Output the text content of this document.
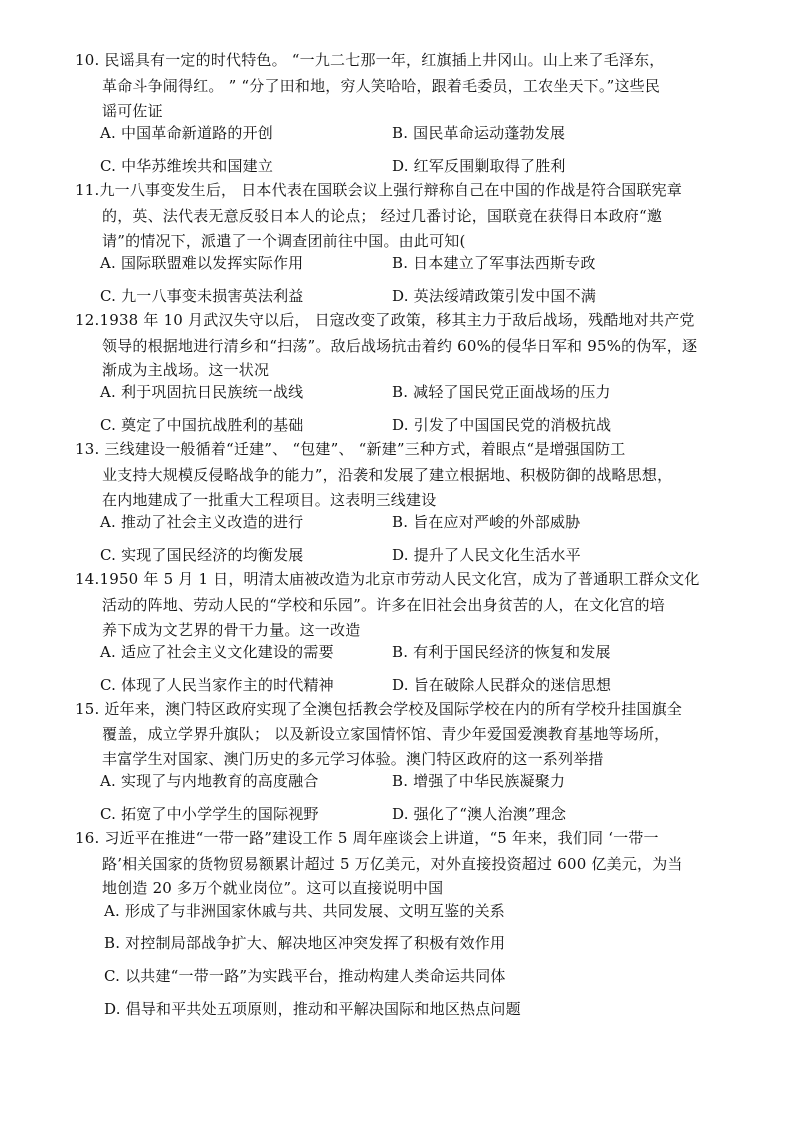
10. 民谣具有一定的时代特色。 “一九二七那一年，红旗插上井冈山。山上来了毛泽东，
革命斗争闹得红。 ” “分了田和地，穷人笑哈哈，跟着毛委员，工农坐天下。”这些民
谣可佐证
A. 中国革命新道路的开创	B. 国民革命运动蓬勃发展
C. 中华苏维埃共和国建立	D. 红军反围剿取得了胜利
11.九一八事变发生后， 日本代表在国联会议上强行辩称自己在中国的作战是符合国联宪章
的，英、法代表无意反驳日本人的论点； 经过几番讨论，国联竟在获得日本政府“邀
请”的情况下，派遣了一个调查团前往中国。由此可知(
A. 国际联盟难以发挥实际作用	B. 日本建立了军事法西斯专政
C. 九一八事变未损害英法利益	D. 英法绥靖政策引发中国不满
12.1938 年 10 月武汉失守以后， 日寇改变了政策，移其主力于敌后战场，残酷地对共产党
领导的根据地进行清乡和“扫荡”。敌后战场抗击着约 60%的侵华日军和 95%的伪军，逐
渐成为主战场。这一状况
A. 利于巩固抗日民族统一战线	B. 减轻了国民党正面战场的压力
C. 奠定了中国抗战胜利的基础	D. 引发了中国国民党的消极抗战
13. 三线建设一般循着“迁建”、 “包建”、 “新建”三种方式，着眼点“是增强国防工
业支持大规模反侵略战争的能力”，沿袭和发展了建立根据地、积极防御的战略思想，
在内地建成了一批重大工程项目。这表明三线建设
A. 推动了社会主义改造的进行	B. 旨在应对严峻的外部威胁
C. 实现了国民经济的均衡发展	D. 提升了人民文化生活水平
14.1950 年 5 月 1 日，明清太庙被改造为北京市劳动人民文化宫，成为了普通职工群众文化
活动的阵地、劳动人民的“学校和乐园”。许多在旧社会出身贫苦的人，在文化宫的培
养下成为文艺界的骨干力量。这一改造
A. 适应了社会主义文化建设的需要	B. 有利于国民经济的恢复和发展
C. 体现了人民当家作主的时代精神	D. 旨在破除人民群众的迷信思想
15. 近年来，澳门特区政府实现了全澳包括教会学校及国际学校在内的所有学校升挂国旗全
覆盖，成立学界升旗队； 以及新设立家国情怀馆、青少年爱国爱澳教育基地等场所，
丰富学生对国家、澳门历史的多元学习体验。澳门特区政府的这一系列举措
A. 实现了与内地教育的高度融合	B. 增强了中华民族凝聚力
C. 拓宽了中小学学生的国际视野	D. 强化了“澳人治澳”理念
16. 习近平在推进“一带一路”建设工作 5 周年座谈会上讲道，“5 年来，我们同 ‘一带一
路’相关国家的货物贸易额累计超过 5 万亿美元，对外直接投资超过 600 亿美元，为当
地创造 20 多万个就业岗位”。这可以直接说明中国
A. 形成了与非洲国家休戚与共、共同发展、文明互鉴的关系
B. 对控制局部战争扩大、解决地区冲突发挥了积极有效作用
C. 以共建“一带一路”为实践平台，推动构建人类命运共同体
D. 倡导和平共处五项原则，推动和平解决国际和地区热点问题
